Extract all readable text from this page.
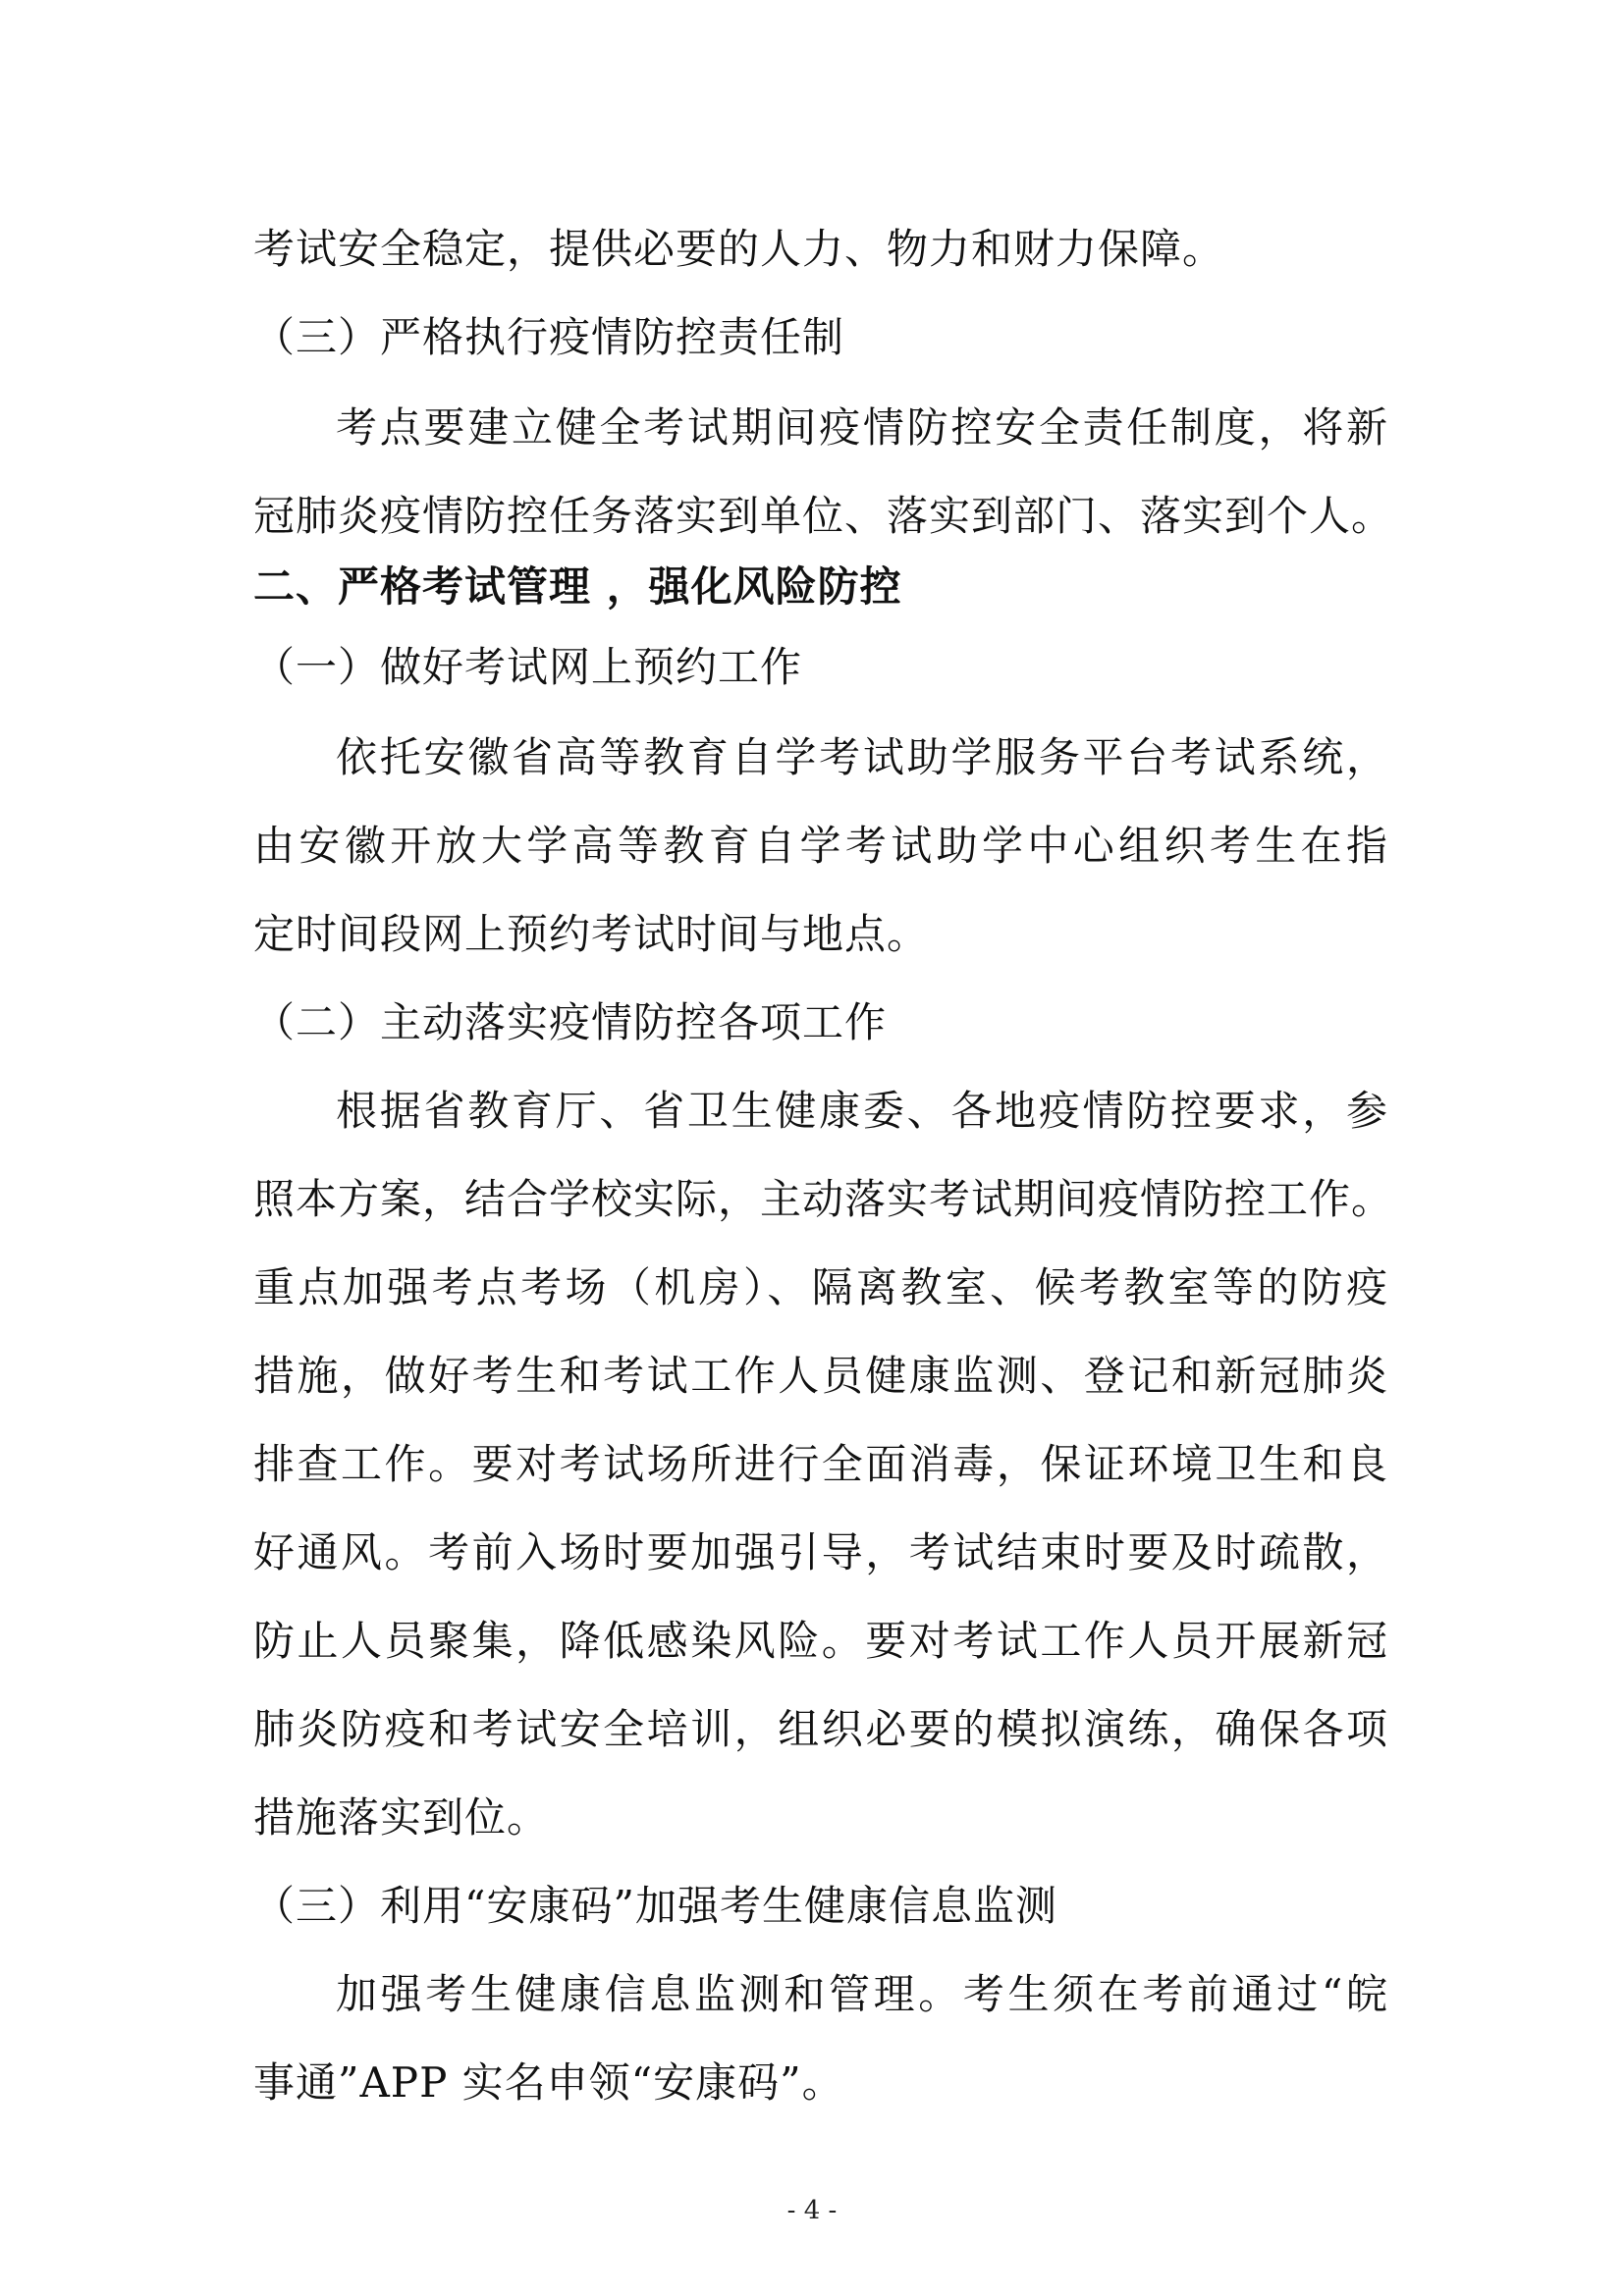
考试安全稳定，提供必要的人力、物力和财力保障。
（三）严格执行疫情防控责任制
考点要建立健全考试期间疫情防控安全责任制度，将新
冠肺炎疫情防控任务落实到单位、落实到部门、落实到个人。
二、严格考试管理 ，强化风险防控
（一）做好考试网上预约工作
依托安徽省高等教育自学考试助学服务平台考试系统，
由安徽开放大学高等教育自学考试助学中心组织考生在指
定时间段网上预约考试时间与地点。
（二）主动落实疫情防控各项工作
根据省教育厅、省卫生健康委、各地疫情防控要求，参
照本方案，结合学校实际，主动落实考试期间疫情防控工作。
重点加强考点考场（机房）、隔离教室、候考教室等的防疫
措施，做好考生和考试工作人员健康监测、登记和新冠肺炎
排查工作。要对考试场所进行全面消毒，保证环境卫生和良
好通风。考前入场时要加强引导，考试结束时要及时疏散，
防止人员聚集，降低感染风险。要对考试工作人员开展新冠
肺炎防疫和考试安全培训，组织必要的模拟演练，确保各项
措施落实到位。
（三）利用“安康码”加强考生健康信息监测
加强考生健康信息监测和管理。考生须在考前通过“皖
事通”APP 实名申领“安康码”。
- 4 -
